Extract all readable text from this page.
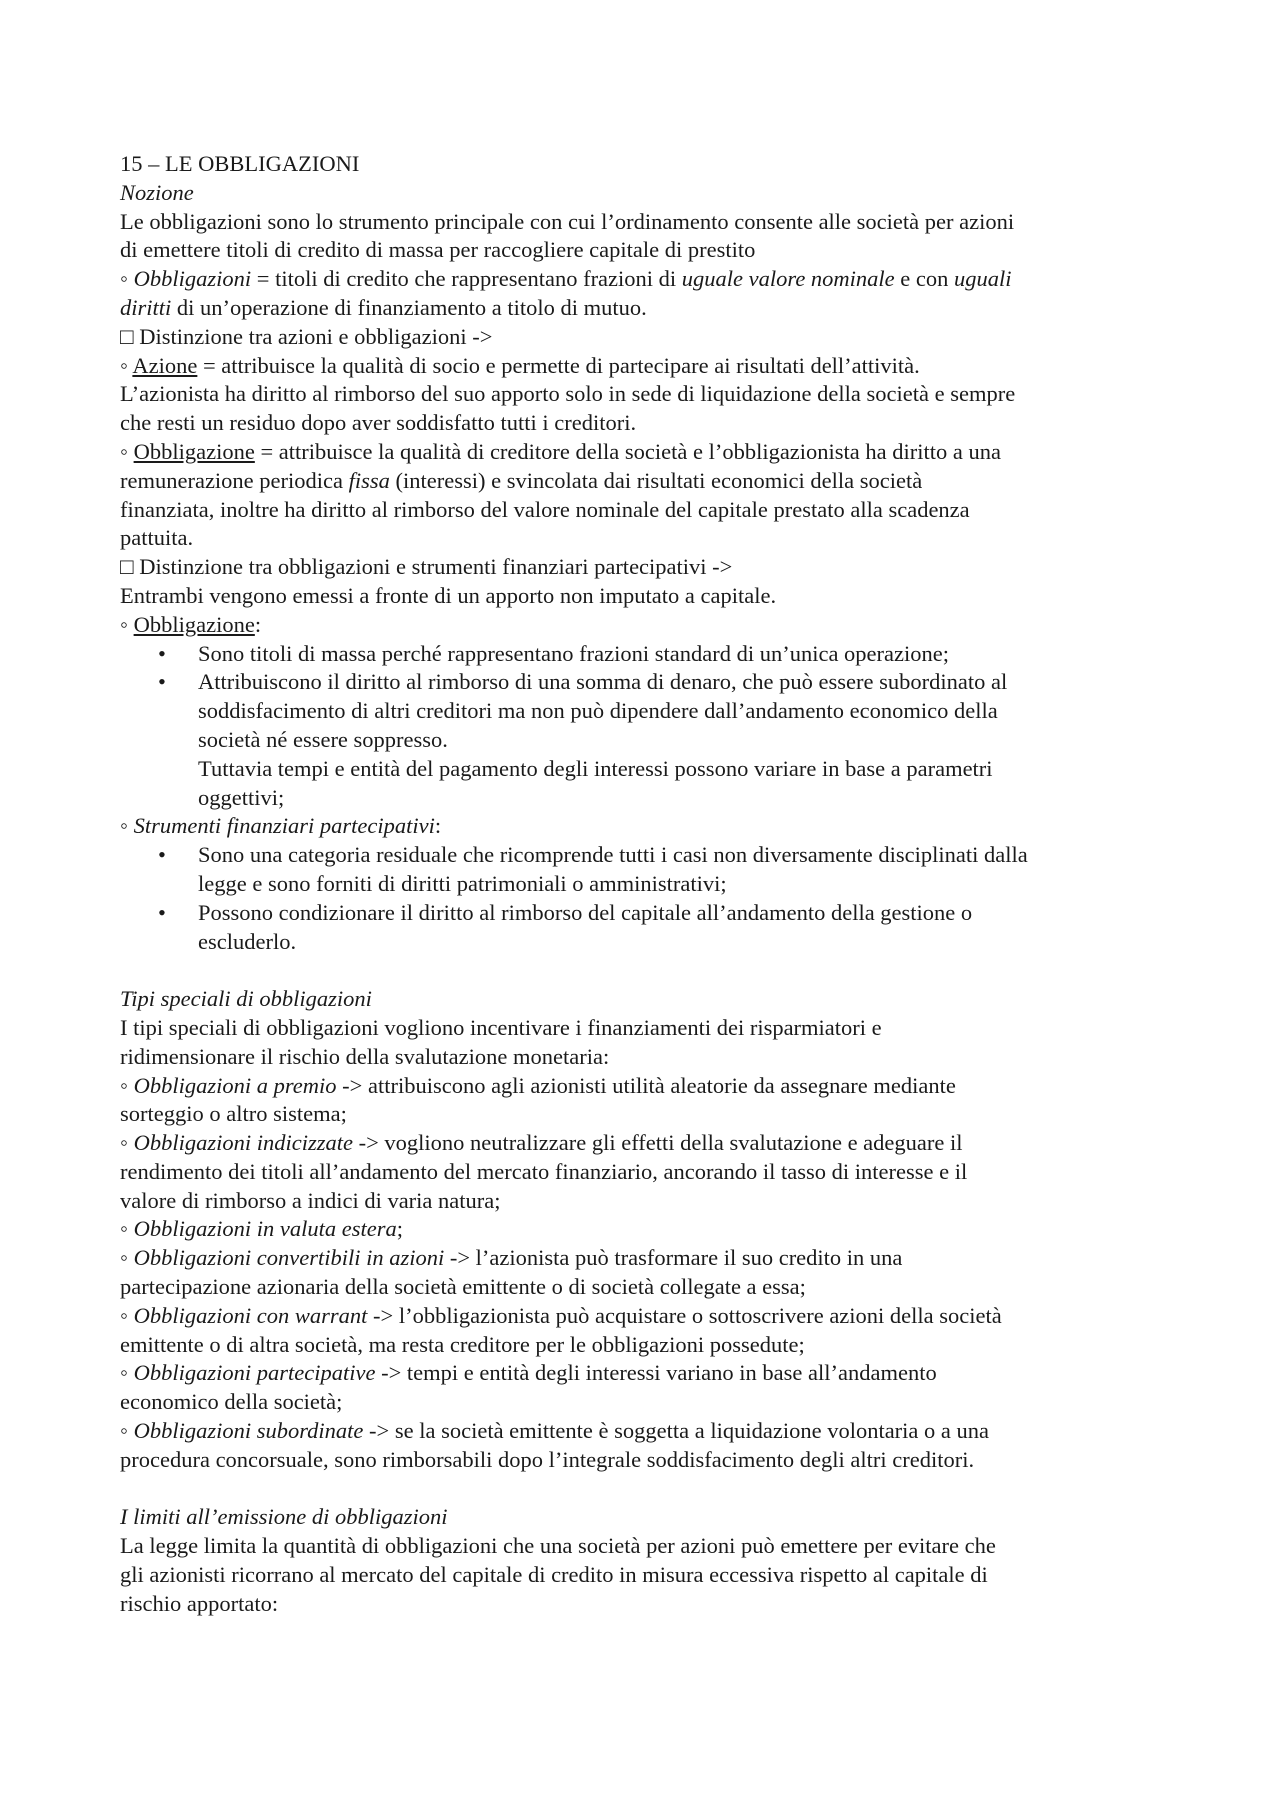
15 – LE OBBLIGAZIONI
Nozione
Le obbligazioni sono lo strumento principale con cui l’ordinamento consente alle società per azioni
di emettere titoli di credito di massa per raccogliere capitale di prestito
◦ Obbligazioni = titoli di credito che rappresentano frazioni di uguale valore nominale e con uguali
diritti di un’operazione di finanziamento a titolo di mutuo.
□ Distinzione tra azioni e obbligazioni ->
◦ Azione = attribuisce la qualità di socio e permette di partecipare ai risultati dell’attività.
L’azionista ha diritto al rimborso del suo apporto solo in sede di liquidazione della società e sempre
che resti un residuo dopo aver soddisfatto tutti i creditori.
◦ Obbligazione = attribuisce la qualità di creditore della società e l’obbligazionista ha diritto a una
remunerazione periodica fissa (interessi) e svincolata dai risultati economici della società
finanziata, inoltre ha diritto al rimborso del valore nominale del capitale prestato alla scadenza
pattuita.
□ Distinzione tra obbligazioni e strumenti finanziari partecipativi ->
Entrambi vengono emessi a fronte di un apporto non imputato a capitale.
◦ Obbligazione:
• Sono titoli di massa perché rappresentano frazioni standard di un’unica operazione;
• Attribuiscono il diritto al rimborso di una somma di denaro, che può essere subordinato al
soddisfacimento di altri creditori ma non può dipendere dall’andamento economico della
società né essere soppresso.
Tuttavia tempi e entità del pagamento degli interessi possono variare in base a parametri
oggettivi;
◦ Strumenti finanziari partecipativi:
• Sono una categoria residuale che ricomprende tutti i casi non diversamente disciplinati dalla
legge e sono forniti di diritti patrimoniali o amministrativi;
• Possono condizionare il diritto al rimborso del capitale all’andamento della gestione o
escluderlo.
Tipi speciali di obbligazioni
I tipi speciali di obbligazioni vogliono incentivare i finanziamenti dei risparmiatori e
ridimensionare il rischio della svalutazione monetaria:
◦ Obbligazioni a premio -> attribuiscono agli azionisti utilità aleatorie da assegnare mediante
sorteggio o altro sistema;
◦ Obbligazioni indicizzate -> vogliono neutralizzare gli effetti della svalutazione e adeguare il
rendimento dei titoli all’andamento del mercato finanziario, ancorando il tasso di interesse e il
valore di rimborso a indici di varia natura;
◦ Obbligazioni in valuta estera;
◦ Obbligazioni convertibili in azioni -> l’azionista può trasformare il suo credito in una
partecipazione azionaria della società emittente o di società collegate a essa;
◦ Obbligazioni con warrant -> l’obbligazionista può acquistare o sottoscrivere azioni della società
emittente o di altra società, ma resta creditore per le obbligazioni possedute;
◦ Obbligazioni partecipative -> tempi e entità degli interessi variano in base all’andamento
economico della società;
◦ Obbligazioni subordinate -> se la società emittente è soggetta a liquidazione volontaria o a una
procedura concorsuale, sono rimborsabili dopo l’integrale soddisfacimento degli altri creditori.
I limiti all’emissione di obbligazioni
La legge limita la quantità di obbligazioni che una società per azioni può emettere per evitare che
gli azionisti ricorrano al mercato del capitale di credito in misura eccessiva rispetto al capitale di
rischio apportato:
